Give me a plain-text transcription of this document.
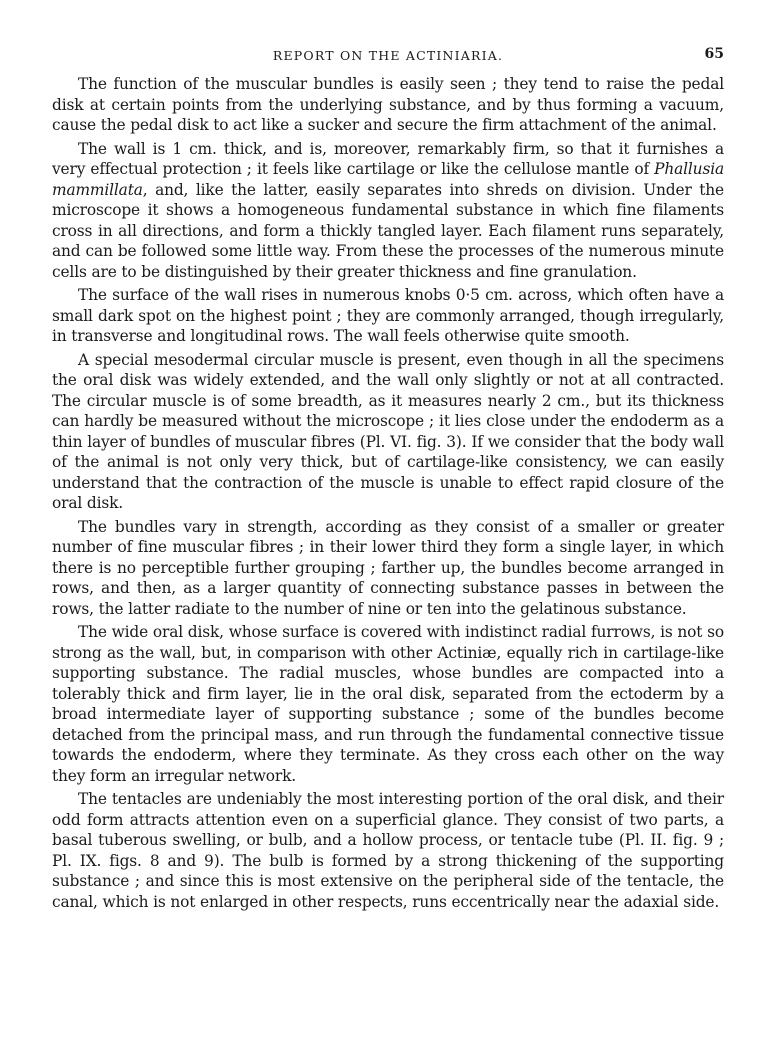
REPORT ON THE ACTINIARIA.	65

The function of the muscular bundles is easily seen ; they tend to raise the pedal disk at certain points from the underlying substance, and by thus forming a vacuum, cause the pedal disk to act like a sucker and secure the firm attachment of the animal.

The wall is 1 cm. thick, and is, moreover, remarkably firm, so that it furnishes a very effectual protection ; it feels like cartilage or like the cellulose mantle of Phallusia mammillata, and, like the latter, easily separates into shreds on division. Under the microscope it shows a homogeneous fundamental substance in which fine filaments cross in all directions, and form a thickly tangled layer. Each filament runs separately, and can be followed some little way. From these the processes of the numerous minute cells are to be distinguished by their greater thickness and fine granulation.

The surface of the wall rises in numerous knobs 0·5 cm. across, which often have a small dark spot on the highest point ; they are commonly arranged, though irregularly, in transverse and longitudinal rows. The wall feels otherwise quite smooth.

A special mesodermal circular muscle is present, even though in all the specimens the oral disk was widely extended, and the wall only slightly or not at all contracted. The circular muscle is of some breadth, as it measures nearly 2 cm., but its thickness can hardly be measured without the microscope ; it lies close under the endoderm as a thin layer of bundles of muscular fibres (Pl. VI. fig. 3). If we consider that the body wall of the animal is not only very thick, but of cartilage-like consistency, we can easily understand that the contraction of the muscle is unable to effect rapid closure of the oral disk.

The bundles vary in strength, according as they consist of a smaller or greater number of fine muscular fibres ; in their lower third they form a single layer, in which there is no perceptible further grouping ; farther up, the bundles become arranged in rows, and then, as a larger quantity of connecting substance passes in between the rows, the latter radiate to the number of nine or ten into the gelatinous substance.

The wide oral disk, whose surface is covered with indistinct radial furrows, is not so strong as the wall, but, in comparison with other Actiniæ, equally rich in cartilage-like supporting substance. The radial muscles, whose bundles are compacted into a tolerably thick and firm layer, lie in the oral disk, separated from the ectoderm by a broad intermediate layer of supporting substance ; some of the bundles become detached from the principal mass, and run through the fundamental connective tissue towards the endoderm, where they terminate. As they cross each other on the way they form an irregular network.

The tentacles are undeniably the most interesting portion of the oral disk, and their odd form attracts attention even on a superficial glance. They consist of two parts, a basal tuberous swelling, or bulb, and a hollow process, or tentacle tube (Pl. II. fig. 9 ; Pl. IX. figs. 8 and 9). The bulb is formed by a strong thickening of the supporting substance ; and since this is most extensive on the peripheral side of the tentacle, the canal, which is not enlarged in other respects, runs eccentrically near the adaxial side.
